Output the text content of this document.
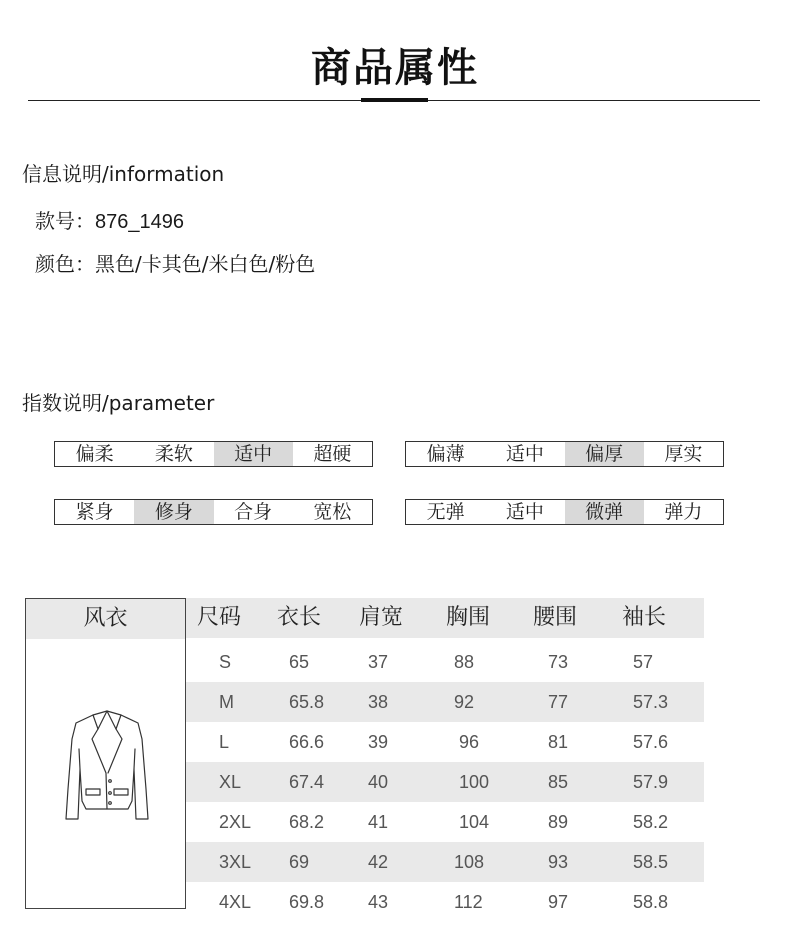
商品属性
信息说明/information
款号：876_1496
颜色：黑色/卡其色/米白色/粉色
指数说明/parameter
偏柔	柔软	适中	超硬	偏薄	适中	偏厚	厚实
紧身	修身	合身	宽松	无弹	适中	微弹	弹力
风衣	尺码 衣长 肩宽 胸围 腰围 袖长
S	65	37	88	73	57
M	65.8 38	92	77	57.3
L	66.6 39	96	81	57.6
XL	67.4 40	100	85	57.9
2XL 68.2 41	104	89	58.2
3XL 69	42	108	93	58.5
4XL 69.8 43	112	97	58.8
